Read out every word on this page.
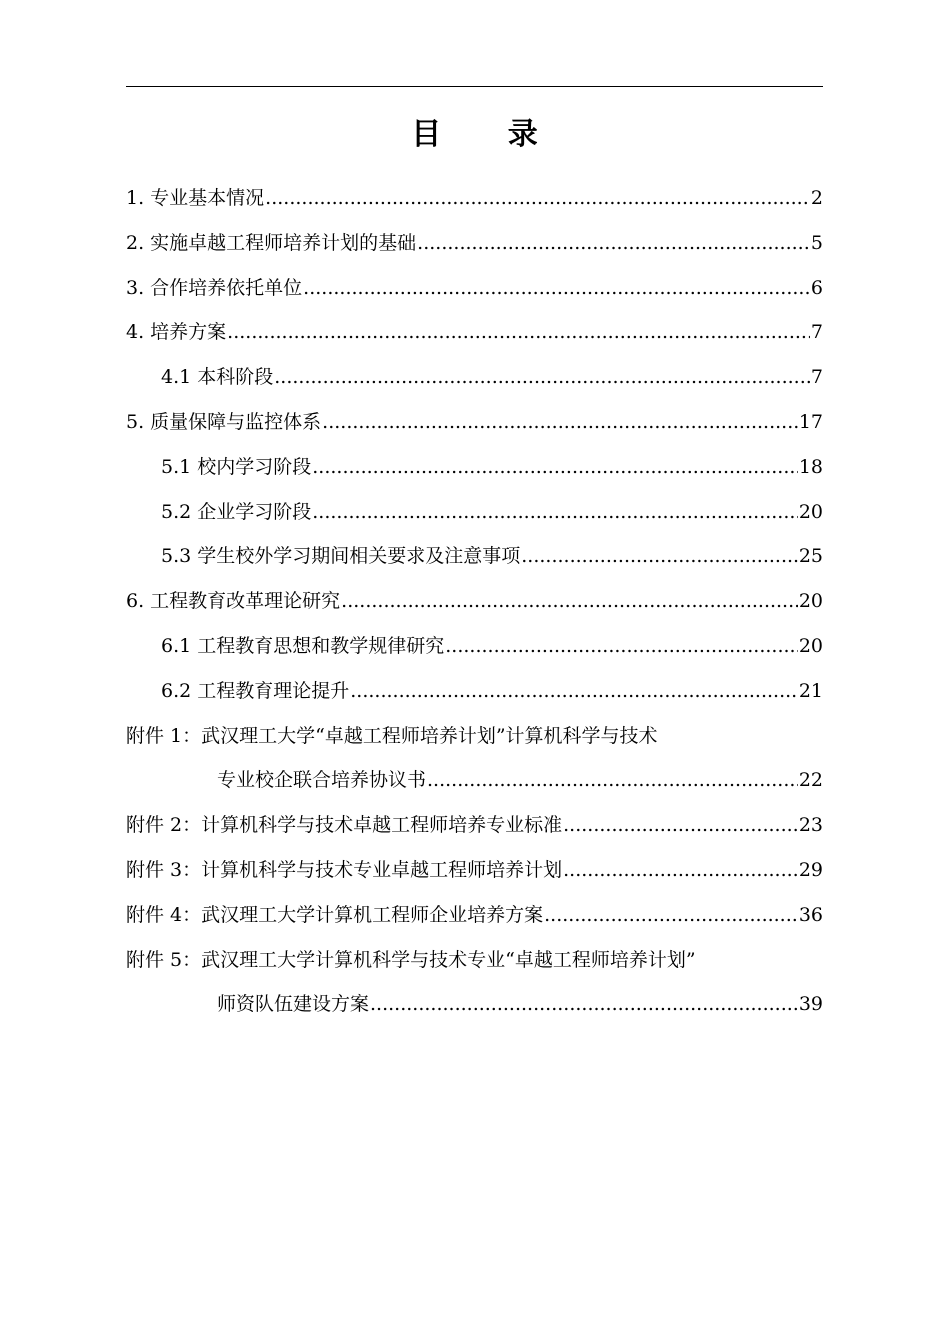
目 录
1. 专业基本情况 .....	2
2. 实施卓越工程师培养计划的基础 .....	5
3. 合作培养依托单位 .....	6
4. 培养方案 .....	7
4.1 本科阶段 .....	7
5. 质量保障与监控体系 .....	17
5.1 校内学习阶段 .....	18
5.2 企业学习阶段 .....	20
5.3 学生校外学习期间相关要求及注意事项 .....	25
6. 工程教育改革理论研究 .....	20
6.1 工程教育思想和教学规律研究 .....	20
6.2 工程教育理论提升 .....	21
附件 1：武汉理工大学“卓越工程师培养计划”计算机科学与技术
专业校企联合培养协议书 .....	22
附件 2：计算机科学与技术卓越工程师培养专业标准 .....	23
附件 3：计算机科学与技术专业卓越工程师培养计划 .....	29
附件 4：武汉理工大学计算机工程师企业培养方案 .....	36
附件 5：武汉理工大学计算机科学与技术专业“卓越工程师培养计划”
师资队伍建设方案 .....	39
